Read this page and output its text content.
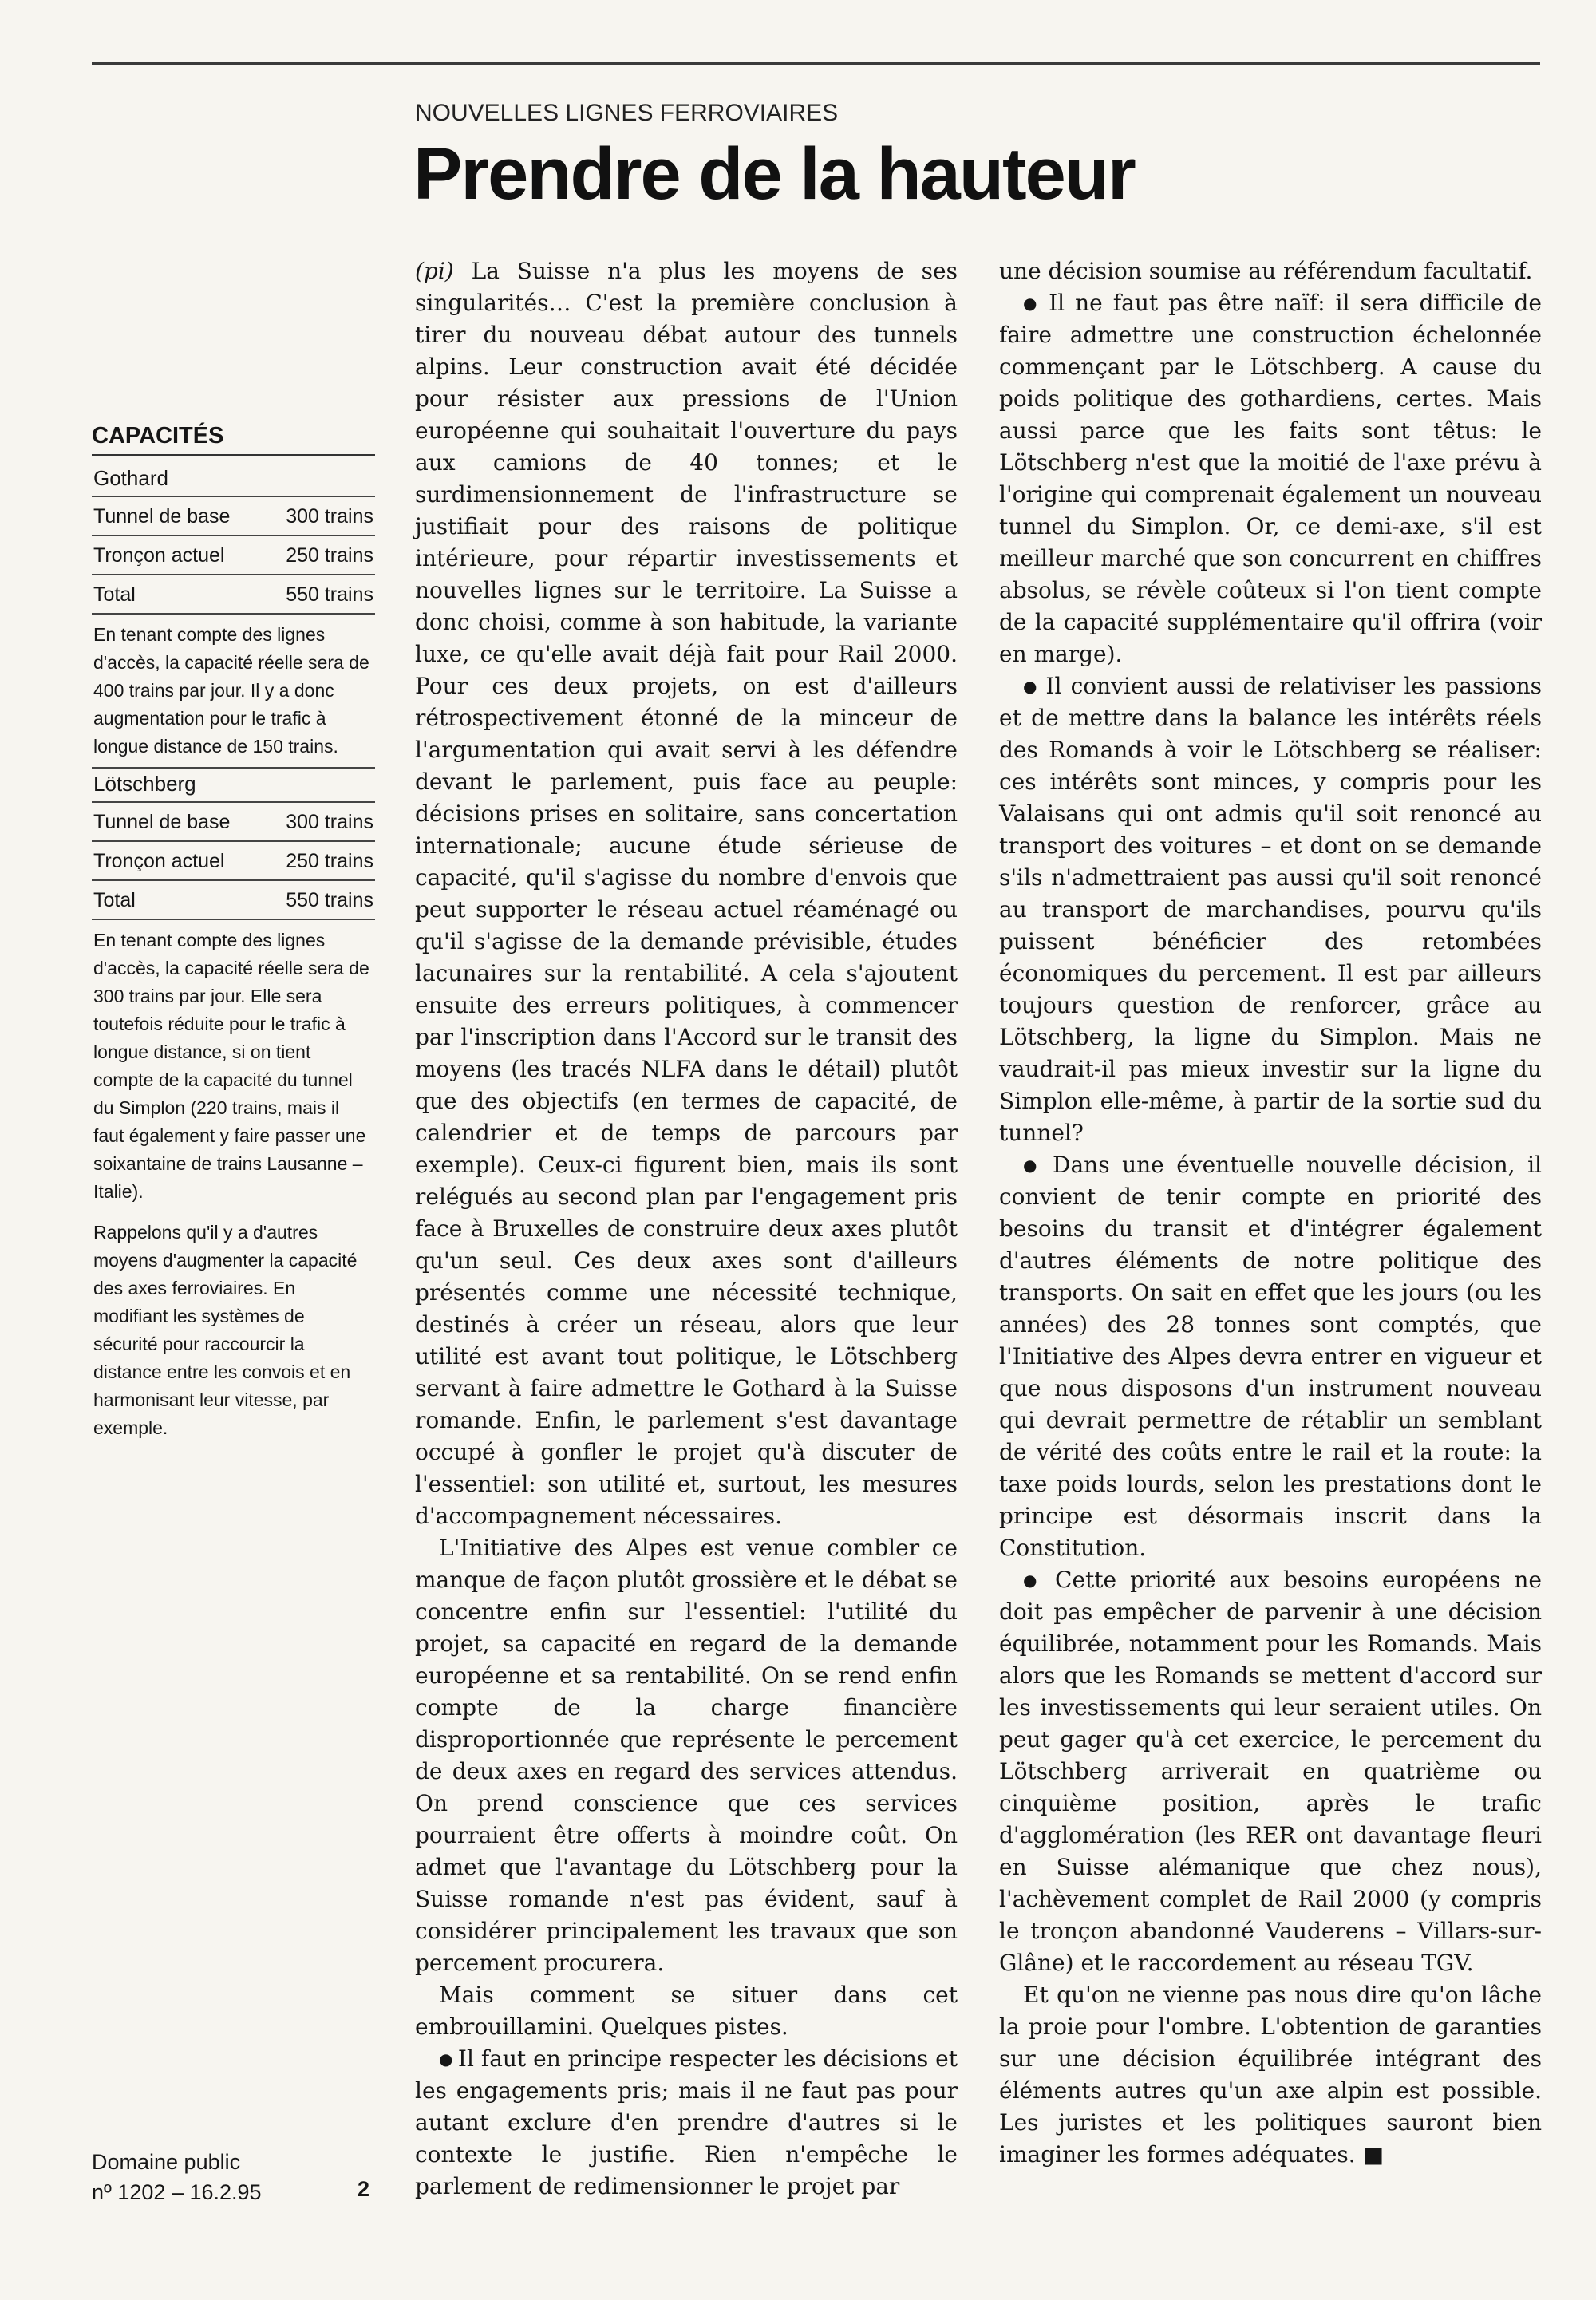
NOUVELLES LIGNES FERROVIAIRES
Prendre de la hauteur
CAPACITÉS
Gothard
Tunnel de base	300 trains
Tronçon actuel	250 trains
Total	550 trains

En tenant compte des lignes d'accès, la capacité réelle sera de 400 trains par jour. Il y a donc augmentation pour le trafic à longue distance de 150 trains.

Lötschberg
Tunnel de base	300 trains
Tronçon actuel	250 trains
Total	550 trains

En tenant compte des lignes d'accès, la capacité réelle sera de 300 trains par jour. Elle sera toutefois réduite pour le trafic à longue distance, si on tient compte de la capacité du tunnel du Simplon (220 trains, mais il faut également y faire passer une soixantaine de trains Lausanne – Italie).

Rappelons qu'il y a d'autres moyens d'augmenter la capacité des axes ferroviaires. En modifiant les systèmes de sécurité pour raccourcir la distance entre les convois et en harmonisant leur vitesse, par exemple.

Domaine public
nº 1202 – 16.2.95	2

(pi) La Suisse n'a plus les moyens de ses singularités… C'est la première conclusion à tirer du nouveau débat autour des tunnels alpins. Leur construction avait été décidée pour résister aux pressions de l'Union européenne qui souhaitait l'ouverture du pays aux camions de 40 tonnes; et le surdimensionnement de l'infrastructure se justifiait pour des raisons de politique intérieure, pour répartir investissements et nouvelles lignes sur le territoire. La Suisse a donc choisi, comme à son habitude, la variante luxe, ce qu'elle avait déjà fait pour Rail 2000. Pour ces deux projets, on est d'ailleurs rétrospectivement étonné de la minceur de l'argumentation qui avait servi à les défendre devant le parlement, puis face au peuple: décisions prises en solitaire, sans concertation internationale; aucune étude sérieuse de capacité, qu'il s'agisse du nombre d'envois que peut supporter le réseau actuel réaménagé ou qu'il s'agisse de la demande prévisible, études lacunaires sur la rentabilité. A cela s'ajoutent ensuite des erreurs politiques, à commencer par l'inscription dans l'Accord sur le transit des moyens (les tracés NLFA dans le détail) plutôt que des objectifs (en termes de capacité, de calendrier et de temps de parcours par exemple). Ceux-ci figurent bien, mais ils sont relégués au second plan par l'engagement pris face à Bruxelles de construire deux axes plutôt qu'un seul. Ces deux axes sont d'ailleurs présentés comme une nécessité technique, destinés à créer un réseau, alors que leur utilité est avant tout politique, le Lötschberg servant à faire admettre le Gothard à la Suisse romande. Enfin, le parlement s'est davantage occupé à gonfler le projet qu'à discuter de l'essentiel: son utilité et, surtout, les mesures d'accompagnement nécessaires.

L'Initiative des Alpes est venue combler ce manque de façon plutôt grossière et le débat se concentre enfin sur l'essentiel: l'utilité du projet, sa capacité en regard de la demande européenne et sa rentabilité. On se rend enfin compte de la charge financière disproportionnée que représente le percement de deux axes en regard des services attendus. On prend conscience que ces services pourraient être offerts à moindre coût. On admet que l'avantage du Lötschberg pour la Suisse romande n'est pas évident, sauf à considérer principalement les travaux que son percement procurera.

Mais comment se situer dans cet embrouillamini. Quelques pistes.

● Il faut en principe respecter les décisions et les engagements pris; mais il ne faut pas pour autant exclure d'en prendre d'autres si le contexte le justifie. Rien n'empêche le parlement de redimensionner le projet par

une décision soumise au référendum facultatif.

● Il ne faut pas être naïf: il sera difficile de faire admettre une construction échelonnée commençant par le Lötschberg. A cause du poids politique des gothardiens, certes. Mais aussi parce que les faits sont têtus: le Lötschberg n'est que la moitié de l'axe prévu à l'origine qui comprenait également un nouveau tunnel du Simplon. Or, ce demi-axe, s'il est meilleur marché que son concurrent en chiffres absolus, se révèle coûteux si l'on tient compte de la capacité supplémentaire qu'il offrira (voir en marge).

● Il convient aussi de relativiser les passions et de mettre dans la balance les intérêts réels des Romands à voir le Lötschberg se réaliser: ces intérêts sont minces, y compris pour les Valaisans qui ont admis qu'il soit renoncé au transport des voitures – et dont on se demande s'ils n'admettraient pas aussi qu'il soit renoncé au transport de marchandises, pourvu qu'ils puissent bénéficier des retombées économiques du percement. Il est par ailleurs toujours question de renforcer, grâce au Lötschberg, la ligne du Simplon. Mais ne vaudrait-il pas mieux investir sur la ligne du Simplon elle-même, à partir de la sortie sud du tunnel?

● Dans une éventuelle nouvelle décision, il convient de tenir compte en priorité des besoins du transit et d'intégrer également d'autres éléments de notre politique des transports. On sait en effet que les jours (ou les années) des 28 tonnes sont comptés, que l'Initiative des Alpes devra entrer en vigueur et que nous disposons d'un instrument nouveau qui devrait permettre de rétablir un semblant de vérité des coûts entre le rail et la route: la taxe poids lourds, selon les prestations dont le principe est désormais inscrit dans la Constitution.

● Cette priorité aux besoins européens ne doit pas empêcher de parvenir à une décision équilibrée, notamment pour les Romands. Mais alors que les Romands se mettent d'accord sur les investissements qui leur seraient utiles. On peut gager qu'à cet exercice, le percement du Lötschberg arriverait en quatrième ou cinquième position, après le trafic d'agglomération (les RER ont davantage fleuri en Suisse alémanique que chez nous), l'achèvement complet de Rail 2000 (y compris le tronçon abandonné Vauderens – Villars-sur-Glâne) et le raccordement au réseau TGV.

Et qu'on ne vienne pas nous dire qu'on lâche la proie pour l'ombre. L'obtention de garanties sur une décision équilibrée intégrant des éléments autres qu'un axe alpin est possible. Les juristes et les politiques sauront bien imaginer les formes adéquates. ■
